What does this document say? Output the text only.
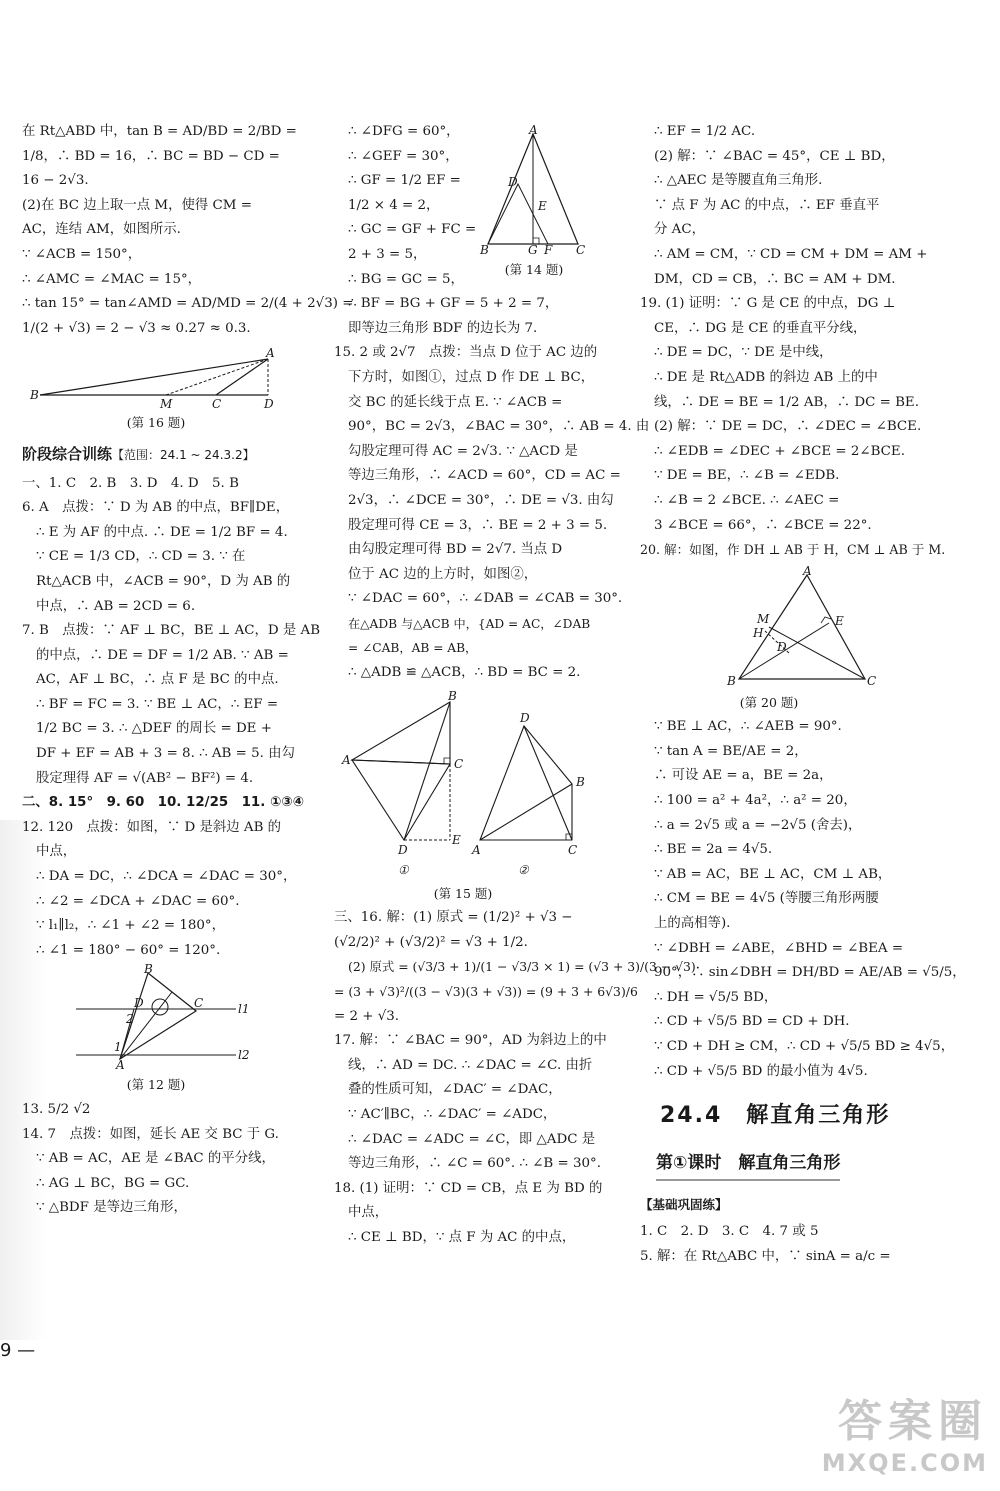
在 Rt△ABD 中，tan B = AD/BD = 2/BD =
1/8，∴ BD = 16，∴ BC = BD − CD =
16 − 2√3.
(2)在 BC 边上取一点 M，使得 CM =
AC，连结 AM，如图所示.
∵ ∠ACB = 150°，
∴ ∠AMC = ∠MAC = 15°，
∴ tan 15° = tan∠AMD = AD/MD = 2/(4 + 2√3) =
1/(2 + √3) = 2 − √3 ≈ 0.27 ≈ 0.3.
A
B
M	C	D
(第 16 题)
阶段综合训练【范围：24.1 ~ 24.3.2】
一、1. C　2. B　3. D　4. D　5. B
6. A　点拨：∵ D 为 AB 的中点，BF∥DE，
∴ E 为 AF 的中点. ∴ DE = 1/2 BF = 4.
∵ CE = 1/3 CD，∴ CD = 3. ∵ 在
Rt△ACB 中，∠ACB = 90°，D 为 AB 的
中点，∴ AB = 2CD = 6.
7. B　点拨：∵ AF ⊥ BC，BE ⊥ AC，D 是 AB
的中点，∴ DE = DF = 1/2 AB. ∵ AB =
AC，AF ⊥ BC，∴ 点 F 是 BC 的中点.
∴ BF = FC = 3. ∵ BE ⊥ AC，∴ EF =
1/2 BC = 3. ∴ △DEF 的周长 = DE +
DF + EF = AB + 3 = 8. ∴ AB = 5. 由勾
股定理得 AF = √(AB² − BF²) = 4.
二、8. 15°　9. 60　10. 12/25　11. ①③④
12. 120　点拨：如图，∵ D 是斜边 AB 的
中点，
∴ DA = DC，∴ ∠DCA = ∠DAC = 30°，
∴ ∠2 = ∠DCA + ∠DAC = 60°.
∵ l₁∥l₂，∴ ∠1 + ∠2 = 180°，
∴ ∠1 = 180° − 60° = 120°.
B
D	C
2
1
A
l1
l2
(第 12 题)
13. 5/2 √2
14. 7　点拨：如图，延长 AE 交 BC 于 G.
∵ AB = AC，AE 是 ∠BAC 的平分线，
∴ AG ⊥ BC，BG = GC.
∵ △BDF 是等边三角形，
A
D
E
B	G F C
(第 14 题)
∴ ∠DFG = 60°，
∴ ∠GEF = 30°，
∴ GF = 1/2 EF =
1/2 × 4 = 2，
∴ GC = GF + FC =
2 + 3 = 5，
∴ BG = GC = 5，
∴ BF = BG + GF = 5 + 2 = 7，
即等边三角形 BDF 的边长为 7.
15. 2 或 2√7　点拨：当点 D 位于 AC 边的
下方时，如图①，过点 D 作 DE ⊥ BC，
交 BC 的延长线于点 E. ∵ ∠ACB =
90°，BC = 2√3，∠BAC = 30°，∴ AB = 4. 由
勾股定理可得 AC = 2√3. ∵ △ACD 是
等边三角形，∴ ∠ACD = 60°，CD = AC =
2√3，∴ ∠DCE = 30°，∴ DE = √3. 由勾
股定理可得 CE = 3，∴ BE = 2 + 3 = 5.
由勾股定理可得 BD = 2√7. 当点 D
位于 AC 边的上方时，如图②，
∵ ∠DAC = 60°，∴ ∠DAB = ∠CAB = 30°.
在△ADB 与△ACB 中，{AD = AC，∠DAB = ∠CAB，AB = AB，
∴ △ADB ≌ △ACB，∴ BD = BC = 2.
B
A	C
D
E
①
D
B
A	C
②
(第 15 题)
三、16. 解：(1) 原式 = (1/2)² + √3 −
(√2/2)² + (√3/2)² = √3 + 1/2.
(2) 原式 = (√3/3 + 1)/(1 − √3/3 × 1) = (√3 + 3)/(3 − √3)
= (3 + √3)²/((3 − √3)(3 + √3)) = (9 + 3 + 6√3)/6
= 2 + √3.
17. 解：∵ ∠BAC = 90°，AD 为斜边上的中
线，∴ AD = DC. ∴ ∠DAC = ∠C. 由折
叠的性质可知，∠DAC′ = ∠DAC，
∵ AC′∥BC，∴ ∠DAC′ = ∠ADC，
∴ ∠DAC = ∠ADC = ∠C，即 △ADC 是
等边三角形，∴ ∠C = 60°. ∴ ∠B = 30°.
18. (1) 证明：∵ CD = CB，点 E 为 BD 的
中点，
∴ CE ⊥ BD，∵ 点 F 为 AC 的中点，
∴ EF = 1/2 AC.
(2) 解：∵ ∠BAC = 45°，CE ⊥ BD，
∴ △AEC 是等腰直角三角形.
∵ 点 F 为 AC 的中点，∴ EF 垂直平
分 AC，
∴ AM = CM，∵ CD = CM + DM = AM +
DM，CD = CB，∴ BC = AM + DM.
19. (1) 证明：∵ G 是 CE 的中点，DG ⊥
CE，∴ DG 是 CE 的垂直平分线，
∴ DE = DC，∵ DE 是中线，
∴ DE 是 Rt△ADB 的斜边 AB 上的中
线，∴ DE = BE = 1/2 AB，∴ DC = BE.
(2) 解：∵ DE = DC，∴ ∠DEC = ∠BCE.
∴ ∠EDB = ∠DEC + ∠BCE = 2∠BCE.
∵ DE = BE，∴ ∠B = ∠EDB.
∴ ∠B = 2 ∠BCE. ∴ ∠AEC =
3 ∠BCE = 66°，∴ ∠BCE = 22°.
20. 解：如图，作 DH ⊥ AB 于 H，CM ⊥ AB 于 M.
A
M
H
E
D
B	C
(第 20 题)
∵ BE ⊥ AC，∴ ∠AEB = 90°.
∵ tan A = BE/AE = 2，
∴ 可设 AE = a，BE = 2a，
∴ 100 = a² + 4a²，∴ a² = 20，
∴ a = 2√5 或 a = −2√5 (舍去)，
∴ BE = 2a = 4√5.
∵ AB = AC，BE ⊥ AC，CM ⊥ AB，
∴ CM = BE = 4√5 (等腰三角形两腰
上的高相等).
∵ ∠DBH = ∠ABE，∠BHD = ∠BEA =
90°，∴ sin∠DBH = DH/BD = AE/AB = √5/5，
∴ DH = √5/5 BD，
∴ CD + √5/5 BD = CD + DH.
∵ CD + DH ≥ CM，∴ CD + √5/5 BD ≥ 4√5，
∴ CD + √5/5 BD 的最小值为 4√5.
24.4　解直角三角形
第①课时　解直角三角形
【基础巩固练】
1. C　2. D　3. C　4. 7 或 5
5. 解：在 Rt△ABC 中，∵ sinA = a/c =
9 —
答案圈
MXQE.COM
